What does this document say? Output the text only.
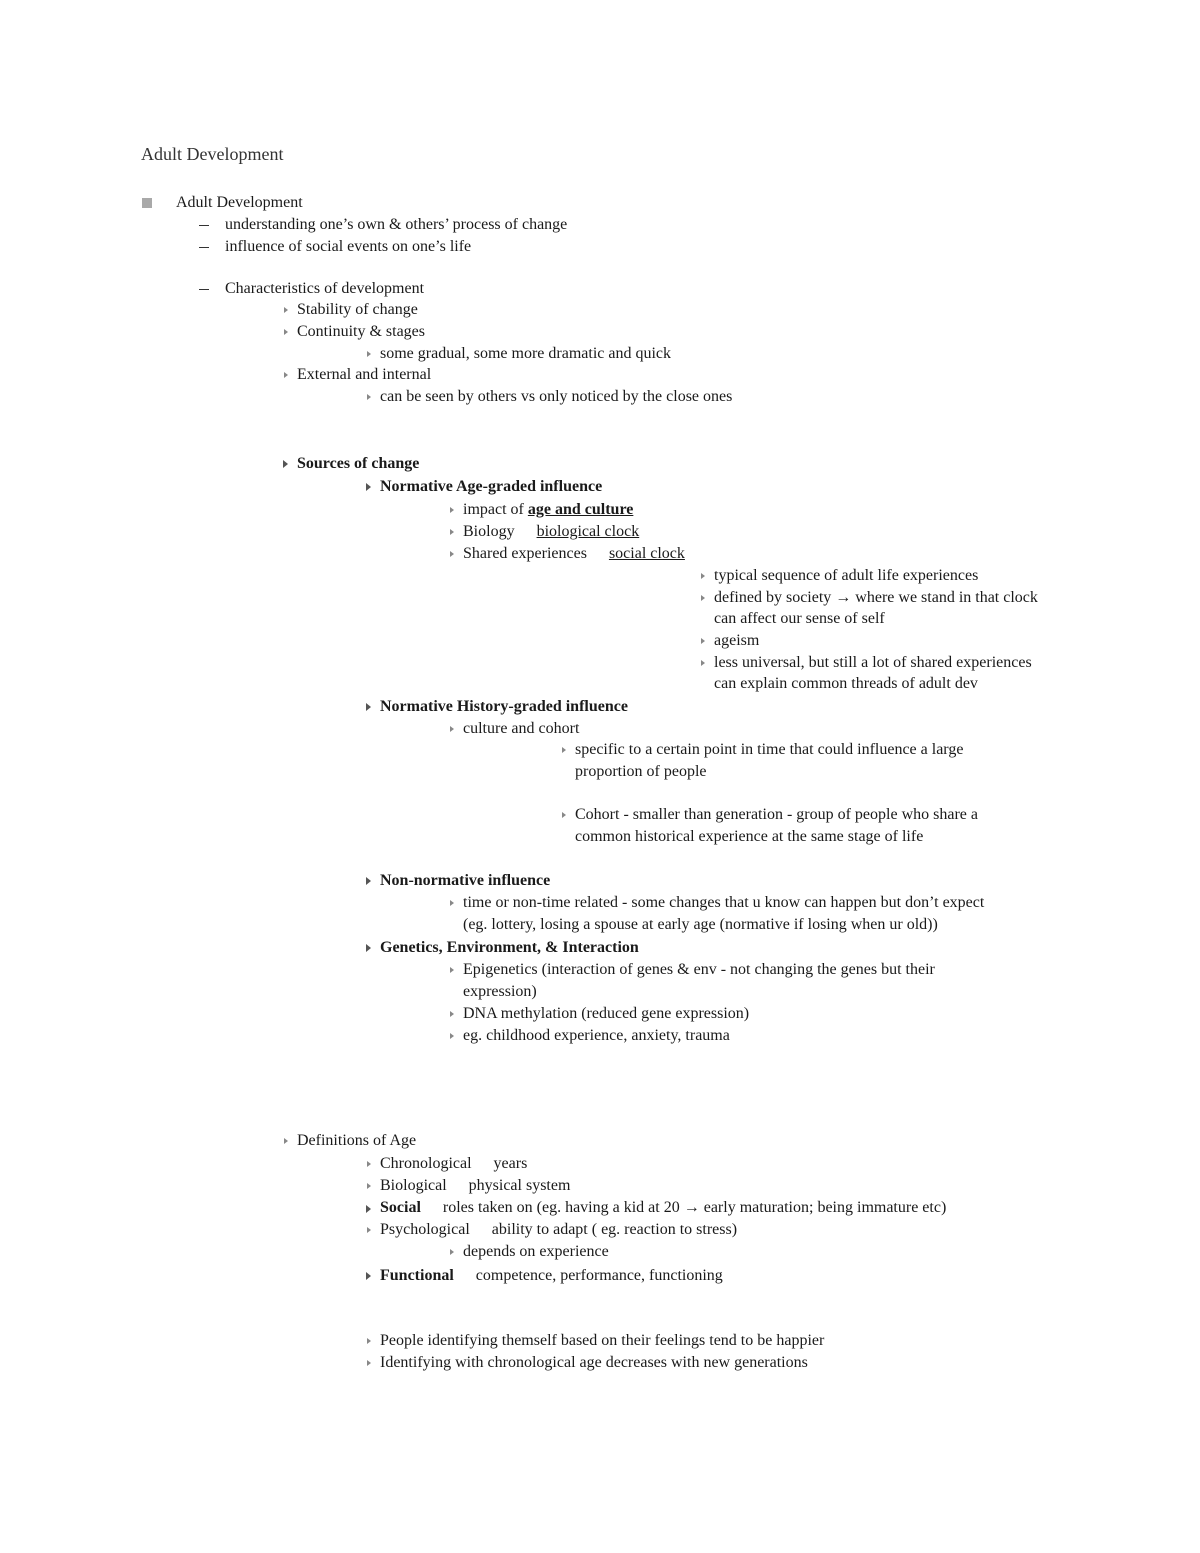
Adult Development
Adult Development
understanding one’s own & others’ process of change
influence of social events on one’s life
Characteristics of development
Stability of change
Continuity & stages
some gradual, some more dramatic and quick
External and internal
can be seen by others vs only noticed by the close ones
Sources of change
Normative Age-graded influence
impact of age and culture
Biology biological clock
Shared experiences social clock
typical sequence of adult life experiences
defined by society → where we stand in that clock
can affect our sense of self
ageism
less universal, but still a lot of shared experiences
can explain common threads of adult dev
Normative History-graded influence
culture and cohort
specific to a certain point in time that could influence a large
proportion of people
Cohort - smaller than generation - group of people who share a
common historical experience at the same stage of life
Non-normative influence
time or non-time related - some changes that u know can happen but don’t expect
(eg. lottery, losing a spouse at early age (normative if losing when ur old))
Genetics, Environment, & Interaction
Epigenetics (interaction of genes & env - not changing the genes but their
expression)
DNA methylation (reduced gene expression)
eg. childhood experience, anxiety, trauma
Definitions of Age
Chronological years
Biological physical system
Social roles taken on (eg. having a kid at 20 → early maturation; being immature etc)
Psychological ability to adapt ( eg. reaction to stress)
depends on experience
Functional competence, performance, functioning
People identifying themself based on their feelings tend to be happier
Identifying with chronological age decreases with new generations
